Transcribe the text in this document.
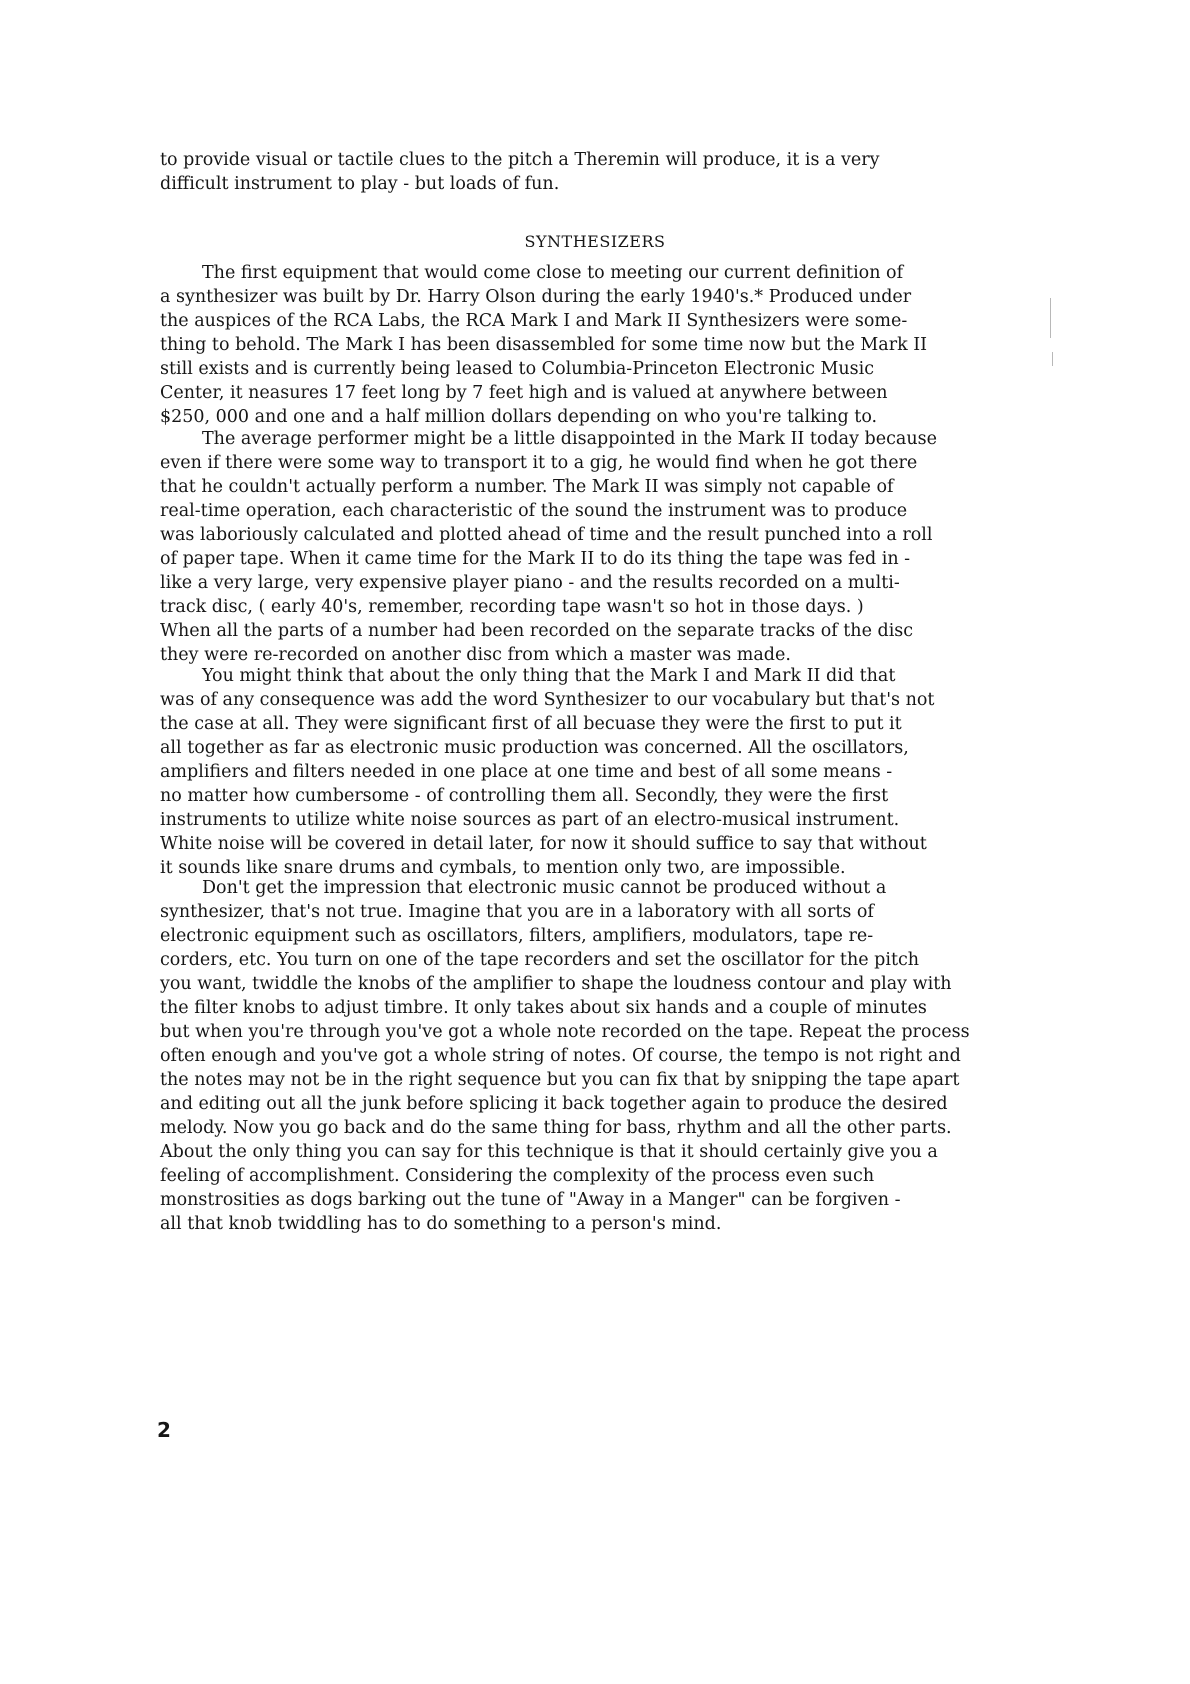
to provide visual or tactile clues to the pitch a Theremin will produce, it is a very
difficult instrument to play - but loads of fun.
SYNTHESIZERS
The first equipment that would come close to meeting our current definition of
a synthesizer was built by Dr. Harry Olson during the early 1940's.* Produced under
the auspices of the RCA Labs, the RCA Mark I and Mark II Synthesizers were some-
thing to behold. The Mark I has been disassembled for some time now but the Mark II
still exists and is currently being leased to Columbia-Princeton Electronic Music
Center, it neasures 17 feet long by 7 feet high and is valued at anywhere between
$250, 000 and one and a half million dollars depending on who you're talking to.
The average performer might be a little disappointed in the Mark II today because
even if there were some way to transport it to a gig, he would find when he got there
that he couldn't actually perform a number. The Mark II was simply not capable of
real-time operation, each characteristic of the sound the instrument was to produce
was laboriously calculated and plotted ahead of time and the result punched into a roll
of paper tape. When it came time for the Mark II to do its thing the tape was fed in -
like a very large, very expensive player piano - and the results recorded on a multi-
track disc, ( early 40's, remember, recording tape wasn't so hot in those days. )
When all the parts of a number had been recorded on the separate tracks of the disc
they were re-recorded on another disc from which a master was made.
You might think that about the only thing that the Mark I and Mark II did that
was of any consequence was add the word Synthesizer to our vocabulary but that's not
the case at all. They were significant first of all becuase they were the first to put it
all together as far as electronic music production was concerned. All the oscillators,
amplifiers and filters needed in one place at one time and best of all some means -
no matter how cumbersome - of controlling them all. Secondly, they were the first
instruments to utilize white noise sources as part of an electro-musical instrument.
White noise will be covered in detail later, for now it should suffice to say that without
it sounds like snare drums and cymbals, to mention only two, are impossible.
Don't get the impression that electronic music cannot be produced without a
synthesizer, that's not true. Imagine that you are in a laboratory with all sorts of
electronic equipment such as oscillators, filters, amplifiers, modulators, tape re-
corders, etc. You turn on one of the tape recorders and set the oscillator for the pitch
you want, twiddle the knobs of the amplifier to shape the loudness contour and play with
the filter knobs to adjust timbre. It only takes about six hands and a couple of minutes
but when you're through you've got a whole note recorded on the tape. Repeat the process
often enough and you've got a whole string of notes. Of course, the tempo is not right and
the notes may not be in the right sequence but you can fix that by snipping the tape apart
and editing out all the junk before splicing it back together again to produce the desired
melody. Now you go back and do the same thing for bass, rhythm and all the other parts.
About the only thing you can say for this technique is that it should certainly give you a
feeling of accomplishment. Considering the complexity of the process even such
monstrosities as dogs barking out the tune of "Away in a Manger" can be forgiven -
all that knob twiddling has to do something to a person's mind.
2
